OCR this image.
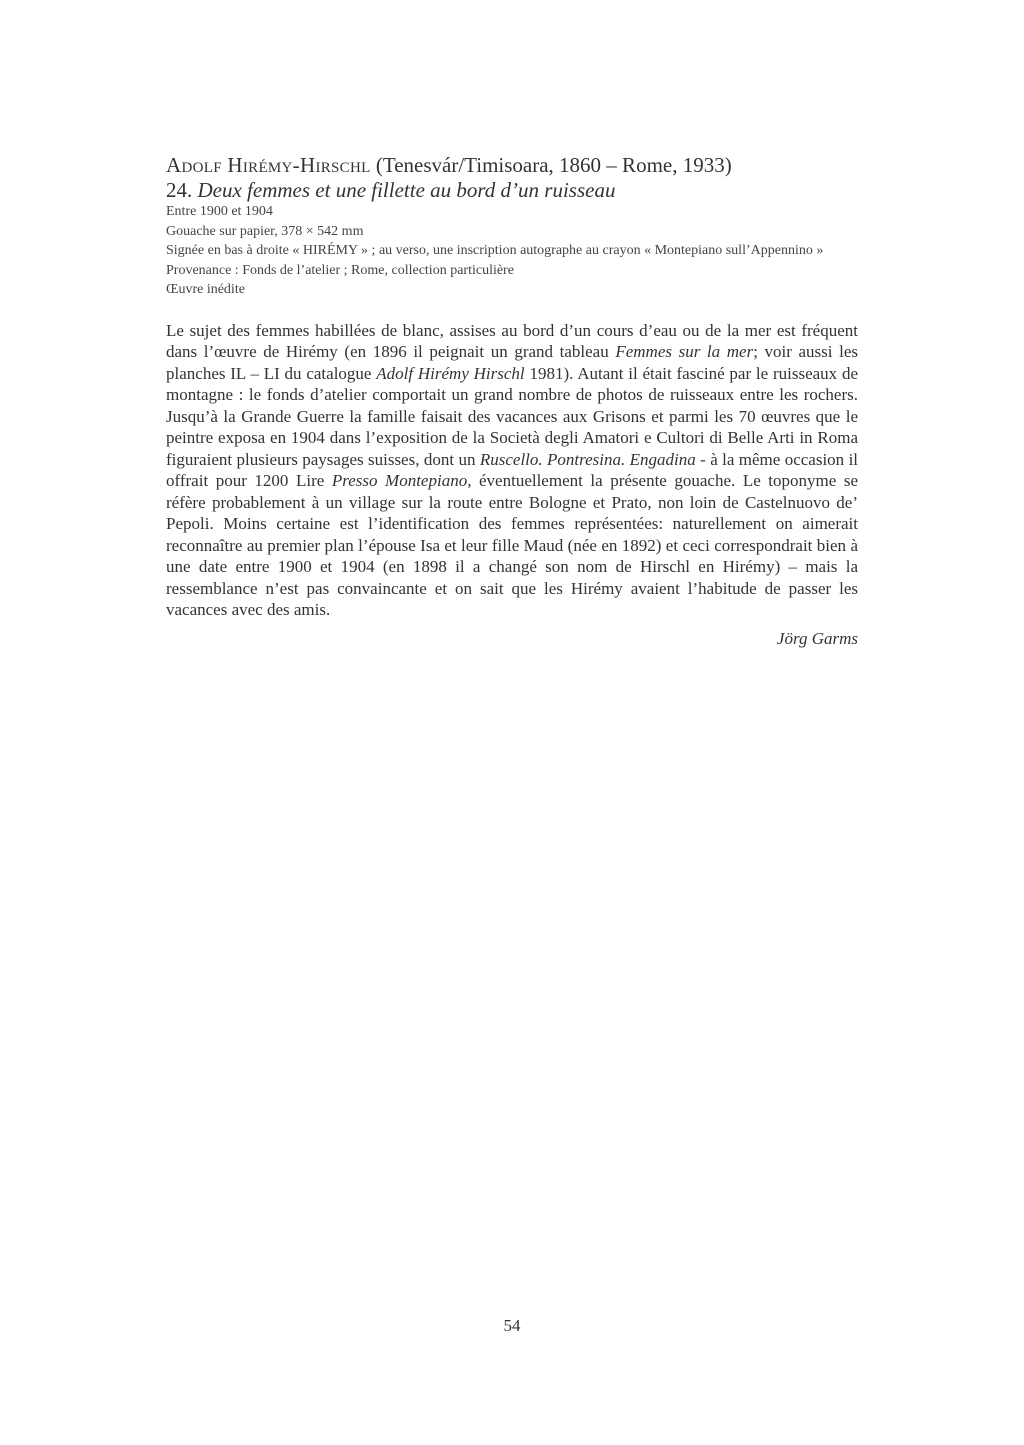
Adolf Hirémy-Hirschl (Tenesvár/Timisoara, 1860 – Rome, 1933)
24. Deux femmes et une fillette au bord d’un ruisseau
Entre 1900 et 1904
Gouache sur papier, 378 × 542 mm
Signée en bas à droite « HIRÉMY » ; au verso, une inscription autographe au crayon « Montepiano sull’Appennino »
Provenance : Fonds de l’atelier ; Rome, collection particulière
Œuvre inédite
Le sujet des femmes habillées de blanc, assises au bord d’un cours d’eau ou de la mer est fréquent dans l’œuvre de Hirémy (en 1896 il peignait un grand tableau Femmes sur la mer; voir aussi les planches IL – LI du catalogue Adolf Hirémy Hirschl 1981). Autant il était fasciné par le ruisseaux de montagne : le fonds d’atelier comportait un grand nombre de photos de ruisseaux entre les rochers. Jusqu’à la Grande Guerre la famille faisait des vacances aux Grisons et parmi les 70 œuvres que le peintre exposa en 1904 dans l’exposition de la Società degli Amatori e Cultori di Belle Arti in Roma figuraient plusieurs paysages suisses, dont un Ruscello. Pontresina. Engadina - à la même occasion il offrait pour 1200 Lire Presso Montepiano, éventuellement la présente gouache. Le toponyme se réfère probablement à un village sur la route entre Bologne et Prato, non loin de Castelnuovo de’ Pepoli. Moins certaine est l’identification des femmes représentées: naturellement on aimerait reconnaître au premier plan l’épouse Isa et leur fille Maud (née en 1892) et ceci correspondrait bien à une date entre 1900 et 1904 (en 1898 il a changé son nom de Hirschl en Hirémy) – mais la ressemblance n’est pas convaincante et on sait que les Hirémy avaient l’habitude de passer les vacances avec des amis.
Jörg Garms
54
